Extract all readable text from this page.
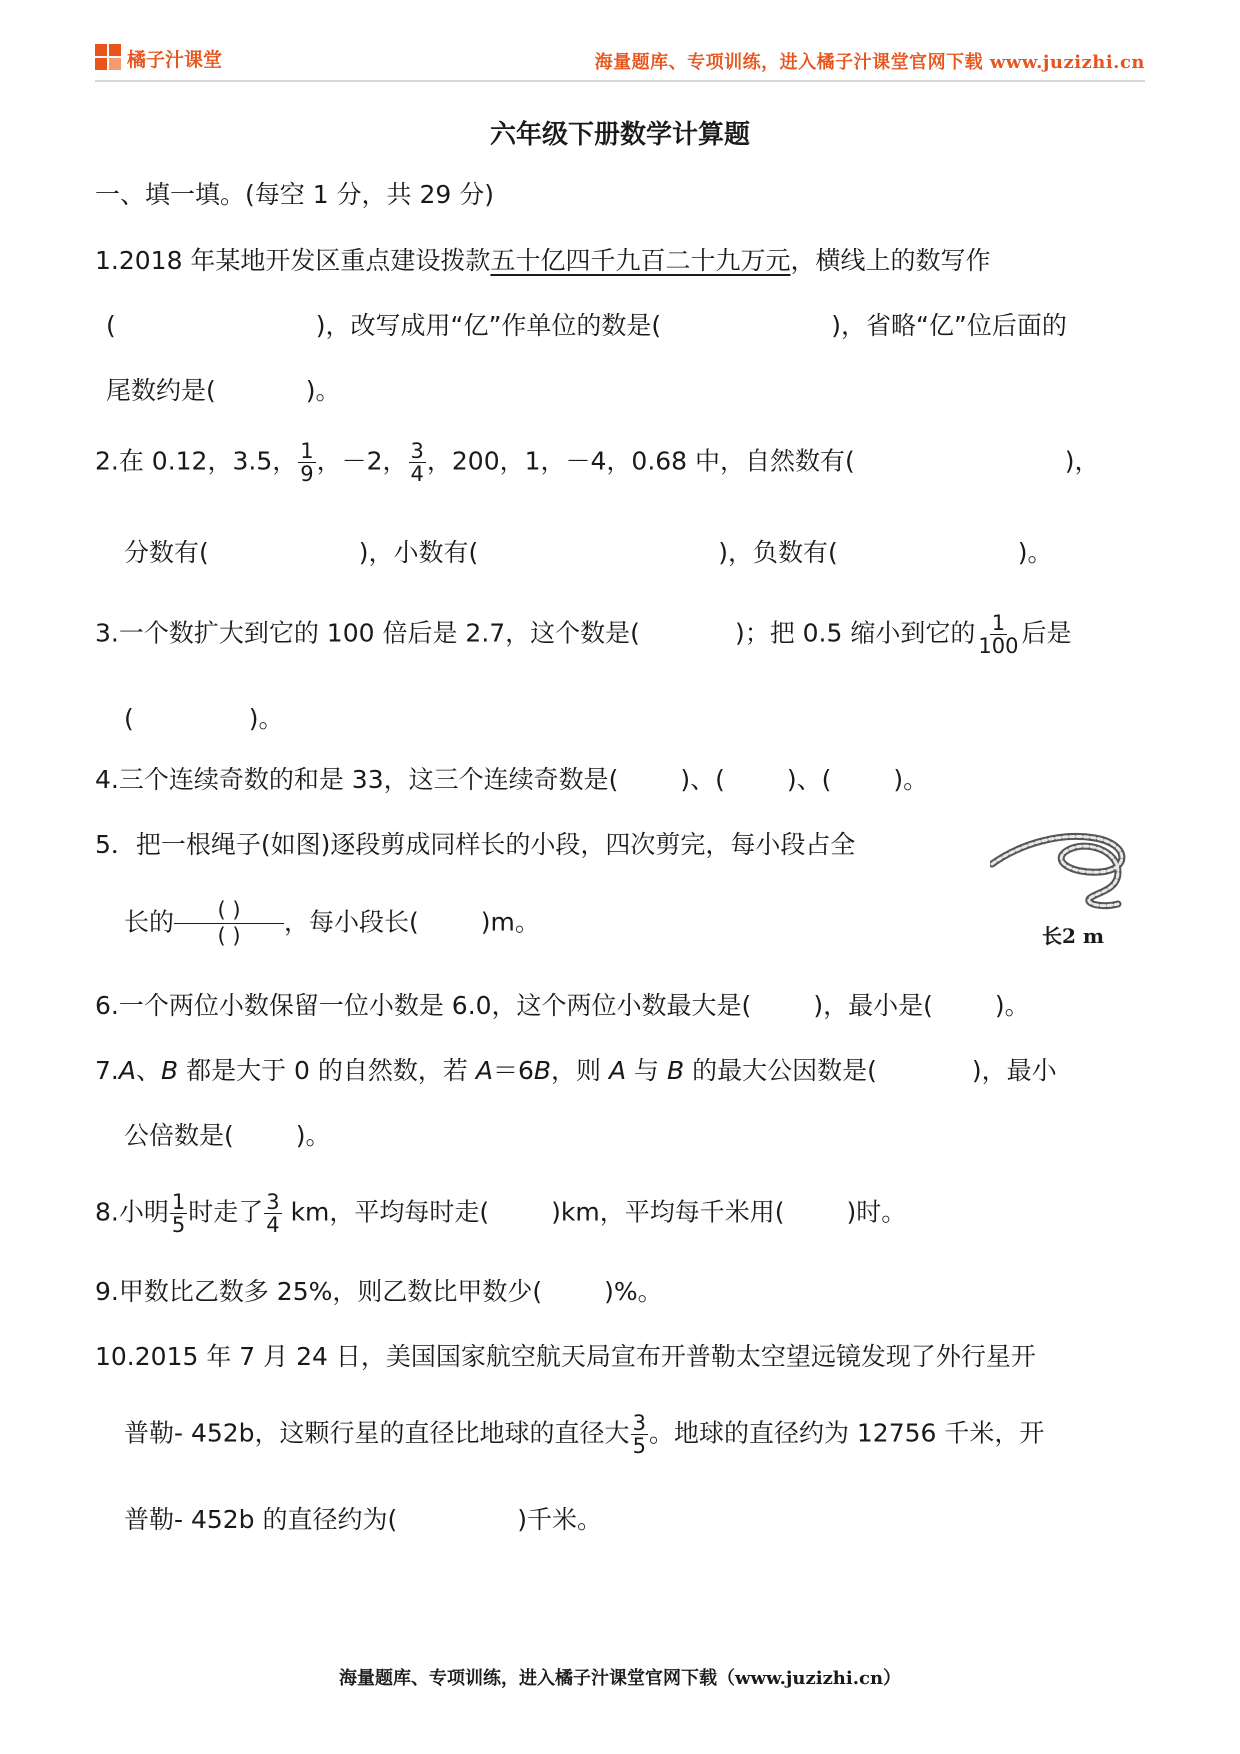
橘子汁课堂	海量题库、专项训练，进入橘子汁课堂官网下载 www.juzizhi.cn
六年级下册数学计算题
一、填一填。(每空 1 分，共 29 分)
1.2018 年某地开发区重点建设拨款五十亿四千九百二十九万元，横线上的数写作
(	)，改写成用“亿”作单位的数是(	)，省略“亿”位后面的
尾数约是(	)。
2.在 0.12，3.5， $\frac{1}{9}$ ，－2， $\frac{3}{4}$ ，200，1，－4，0.68 中，自然数有(	)，
分数有(	)，小数有(	)，负数有(	)。
3.一个数扩大到它的 100 倍后是 2.7，这个数是(	)；把 0.5 缩小到它的 $\frac{1}{100}$ 后是
(	)。
4.三个连续奇数的和是 33，这三个连续奇数是( )、( )、( )。
5．把一根绳子(如图)逐段剪成同样长的小段，四次剪完，每小段占全
长的 $\frac{( )}{( )}$ ，每小段长( )m。	长2 m
6.一个两位小数保留一位小数是 6.0，这个两位小数最大是( )，最小是( )。
7.A、B 都是大于 0 的自然数，若 A＝6B，则 A 与 B 的最大公因数是(	)，最小
公倍数是( )。
8.小明 $\frac{1}{5}$ 时走了 $\frac{3}{4}$ km，平均每时走( )km，平均每千米用( )时。
9.甲数比乙数多 25%，则乙数比甲数少( )%。
10.2015 年 7 月 24 日，美国国家航空航天局宣布开普勒太空望远镜发现了外行星开
普勒- 452b，这颗行星的直径比地球的直径大 $\frac{3}{5}$ 。地球的直径约为 12756 千米，开
普勒- 452b 的直径约为(	)千米。
海量题库、专项训练，进入橘子汁课堂官网下载（www.juzizhi.cn）
